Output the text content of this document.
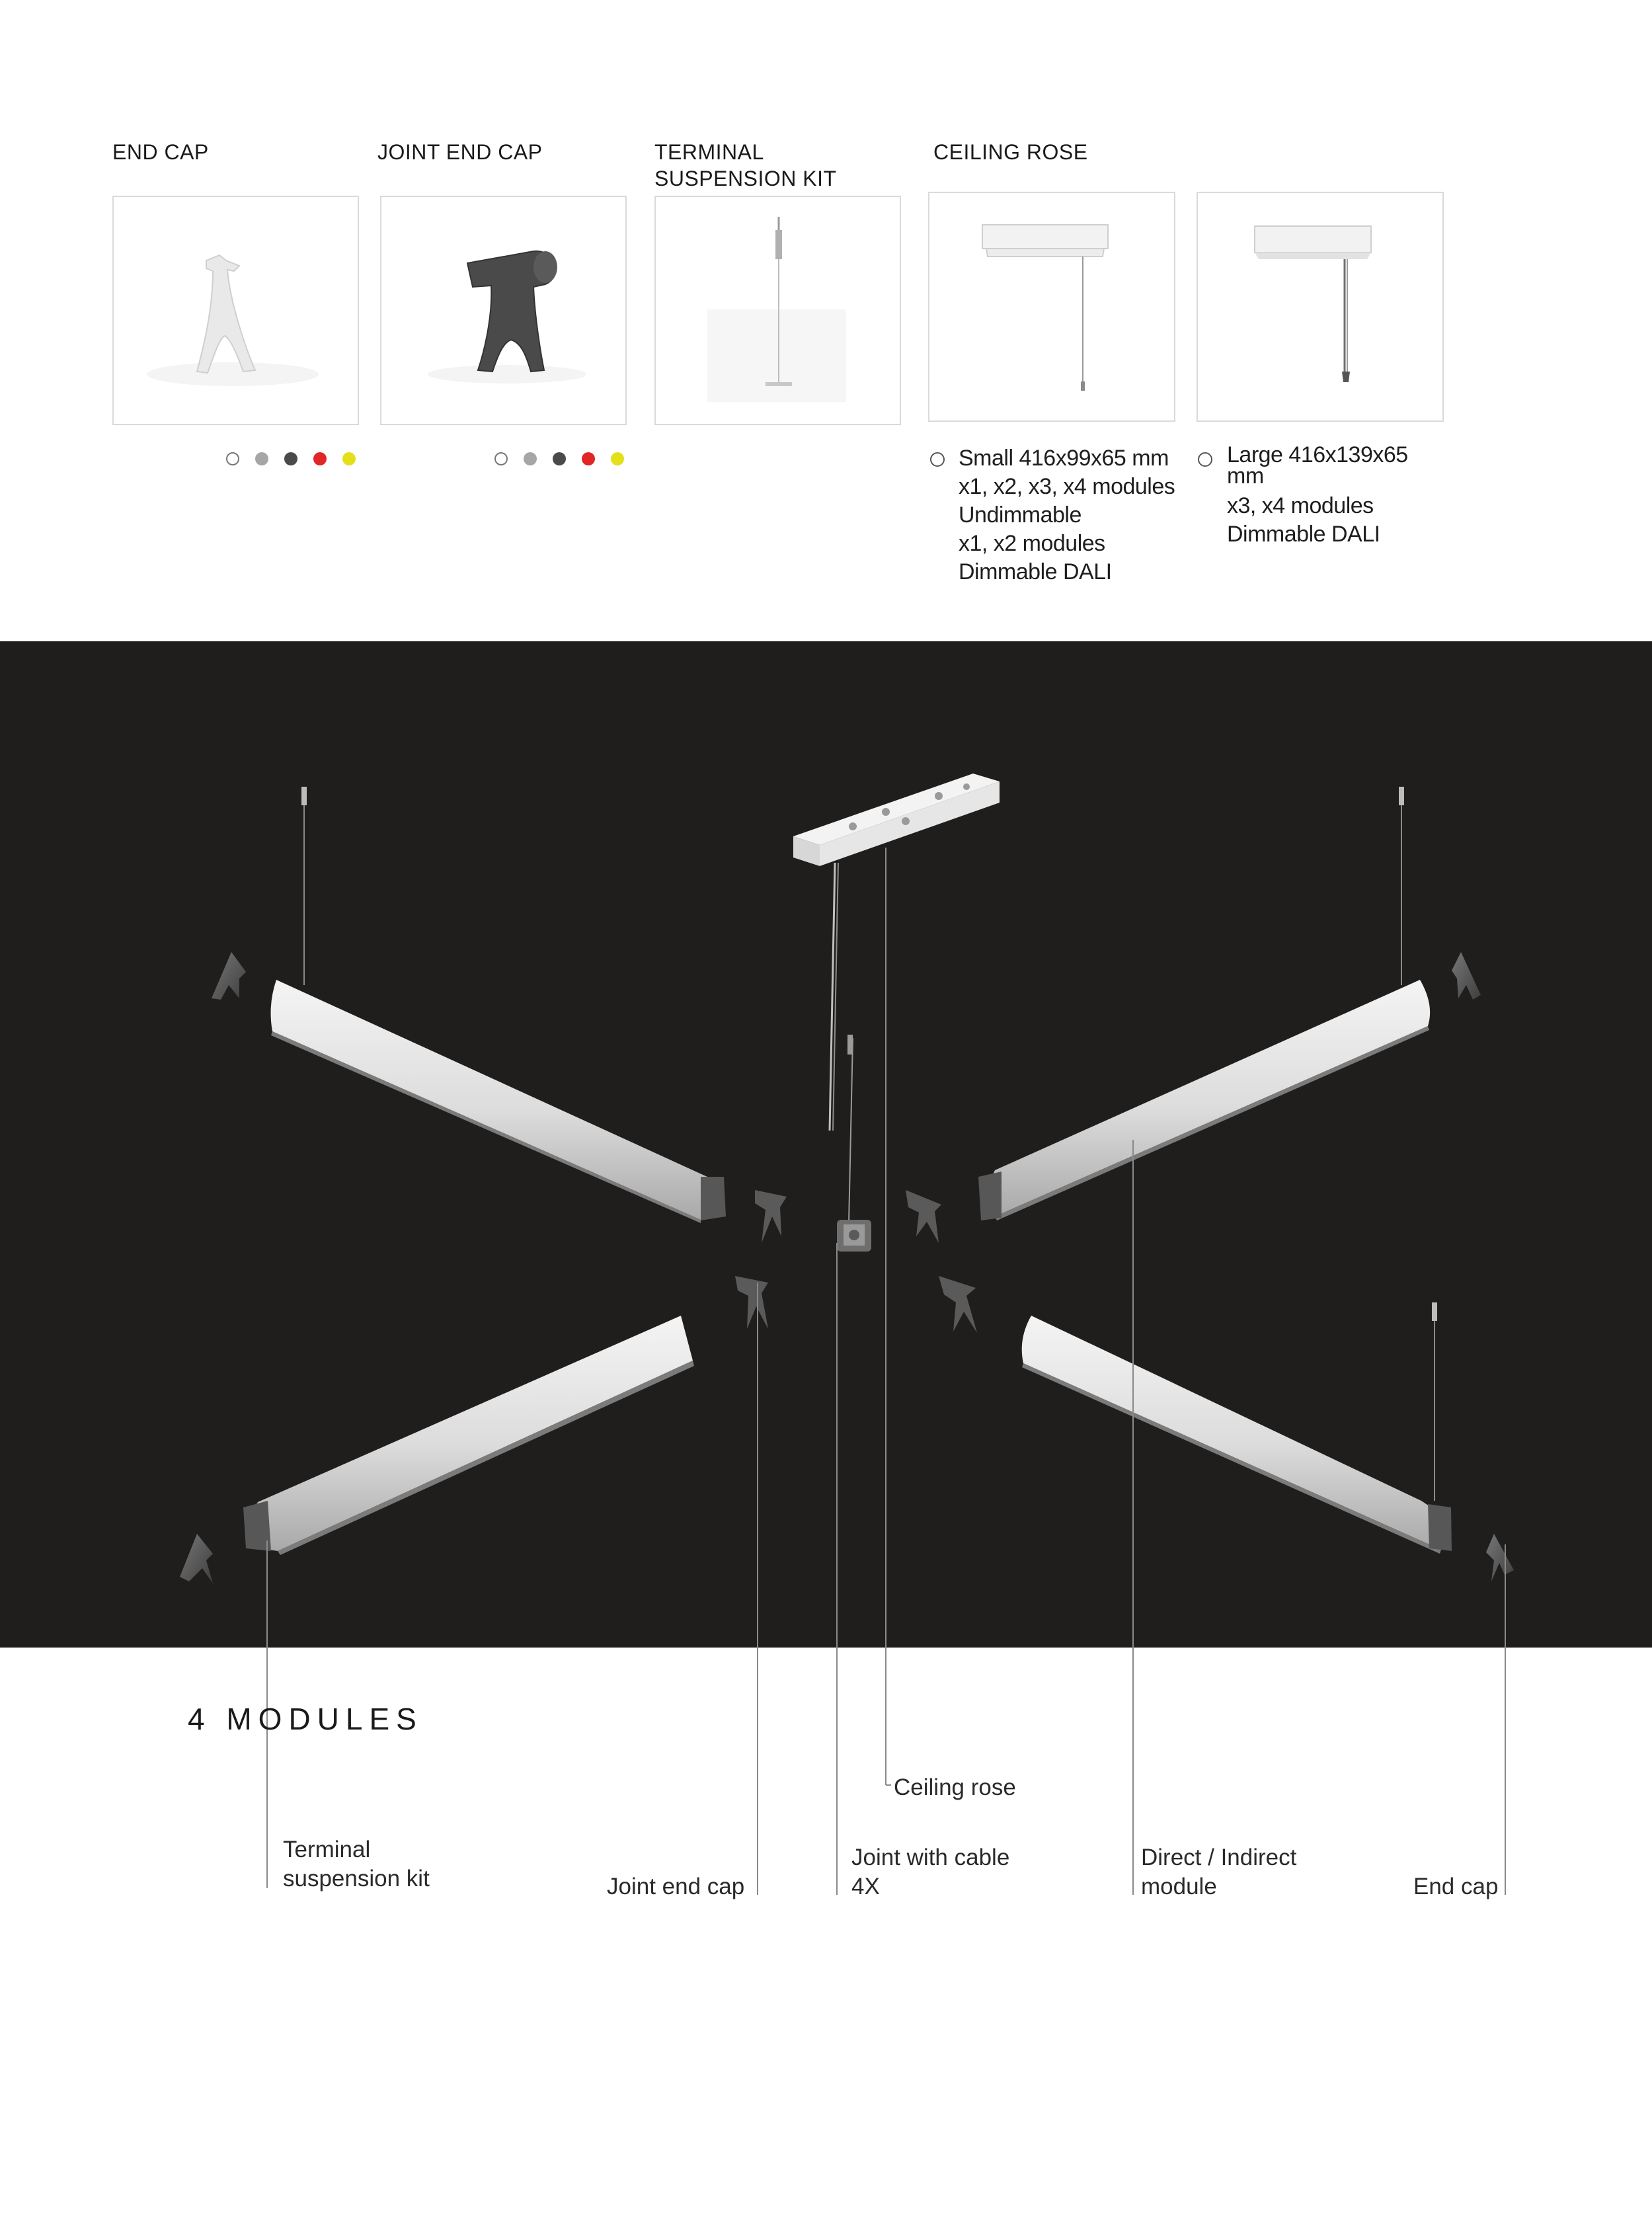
END CAP	JOINT END CAP	TERMINAL
SUSPENSION KIT
CEILING ROSE
Small 416x99x65 mm
x1, x2, x3, x4 modules
Undimmable
x1, x2 modules
Dimmable DALI
Large 416x139x65 mm
x3, x4 modules
Dimmable DALI
4 MODULES
Ceiling rose
Terminal
suspension kit	Joint end cap
Joint with cable
4X
Direct / Indirect
module	End cap
